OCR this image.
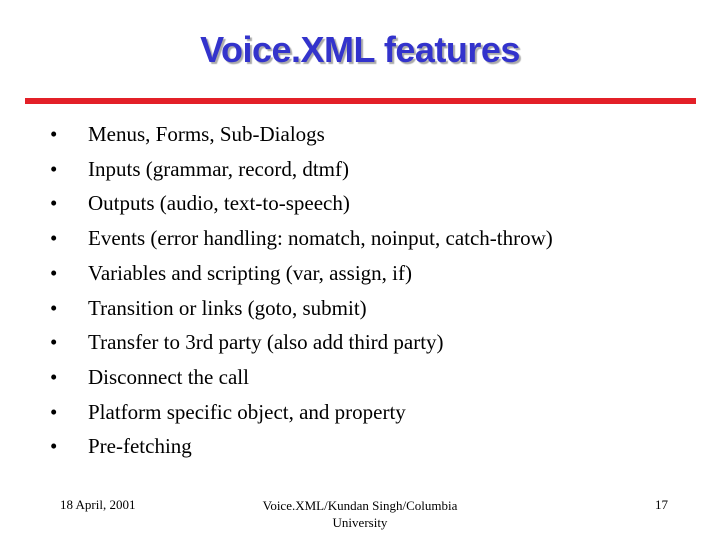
Voice.XML features
• Menus, Forms, Sub-Dialogs
• Inputs (grammar, record, dtmf)
• Outputs (audio, text-to-speech)
• Events (error handling: nomatch, noinput, catch-throw)
• Variables and scripting (var, assign, if)
• Transition or links (goto, submit)
• Transfer to 3rd party (also add third party)
• Disconnect the call
• Platform specific object, and property
• Pre-fetching
18 April, 2001	Voice.XML/Kundan Singh/Columbia University
17
